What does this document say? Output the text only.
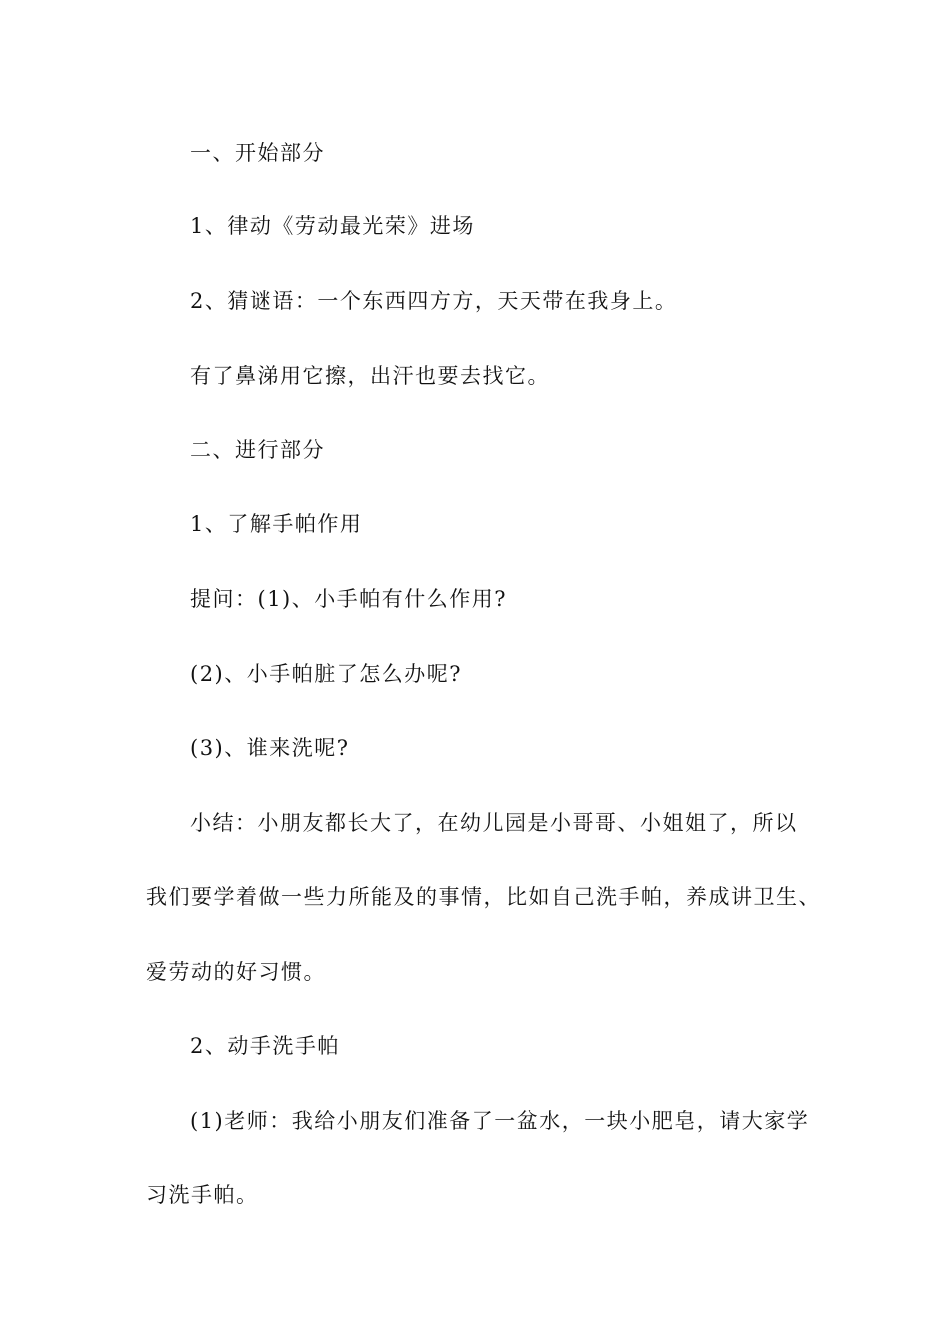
一、开始部分
1、律动《劳动最光荣》进场
2、猜谜语：一个东西四方方，天天带在我身上。
有了鼻涕用它擦，出汗也要去找它。
二、进行部分
1、了解手帕作用
提问：(1)、小手帕有什么作用?
(2)、小手帕脏了怎么办呢?
(3)、谁来洗呢?
小结：小朋友都长大了，在幼儿园是小哥哥、小姐姐了，所以
我们要学着做一些力所能及的事情，比如自己洗手帕，养成讲卫生、
爱劳动的好习惯。
2、动手洗手帕
(1)老师：我给小朋友们准备了一盆水，一块小肥皂，请大家学
习洗手帕。
